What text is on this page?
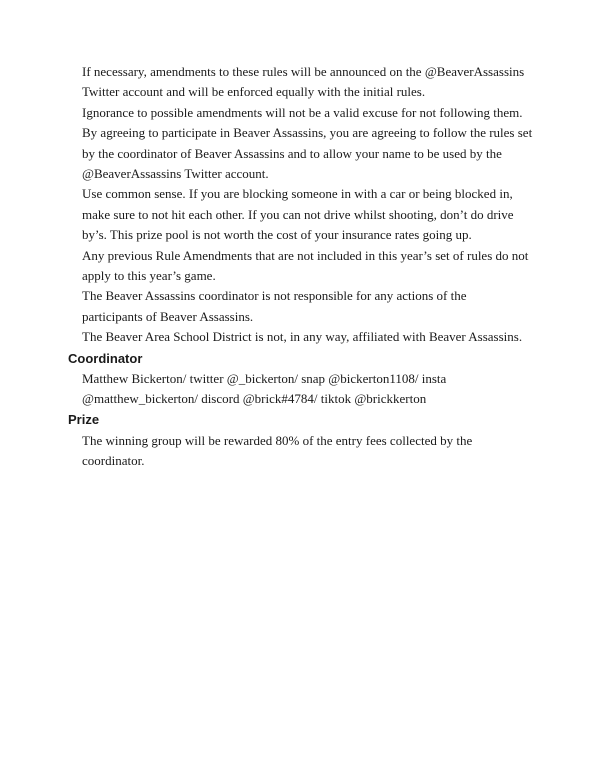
If necessary, amendments to these rules will be announced on the @BeaverAssassins

Twitter account and will be enforced equally with the initial rules.

Ignorance to possible amendments will not be a valid excuse for not following them.

By agreeing to participate in Beaver Assassins, you are agreeing to follow the rules set

by the coordinator of Beaver Assassins and to allow your name to be used by the

@BeaverAssassins Twitter account.

Use common sense. If you are blocking someone in with a car or being blocked in,

make sure to not hit each other. If you can not drive whilst shooting, don’t do drive

by’s. This prize pool is not worth the cost of your insurance rates going up.

Any previous Rule Amendments that are not included in this year’s set of rules do not

apply to this year’s game.

The Beaver Assassins coordinator is not responsible for any actions of the

participants of Beaver Assassins.

The Beaver Area School District is not, in any way, affiliated with Beaver Assassins.

Coordinator

Matthew Bickerton/ twitter @_bickerton/ snap @bickerton1108/ insta

@matthew_bickerton/ discord @brick#4784/ tiktok @brickkerton

Prize

The winning group will be rewarded 80% of the entry fees collected by the

coordinator.
